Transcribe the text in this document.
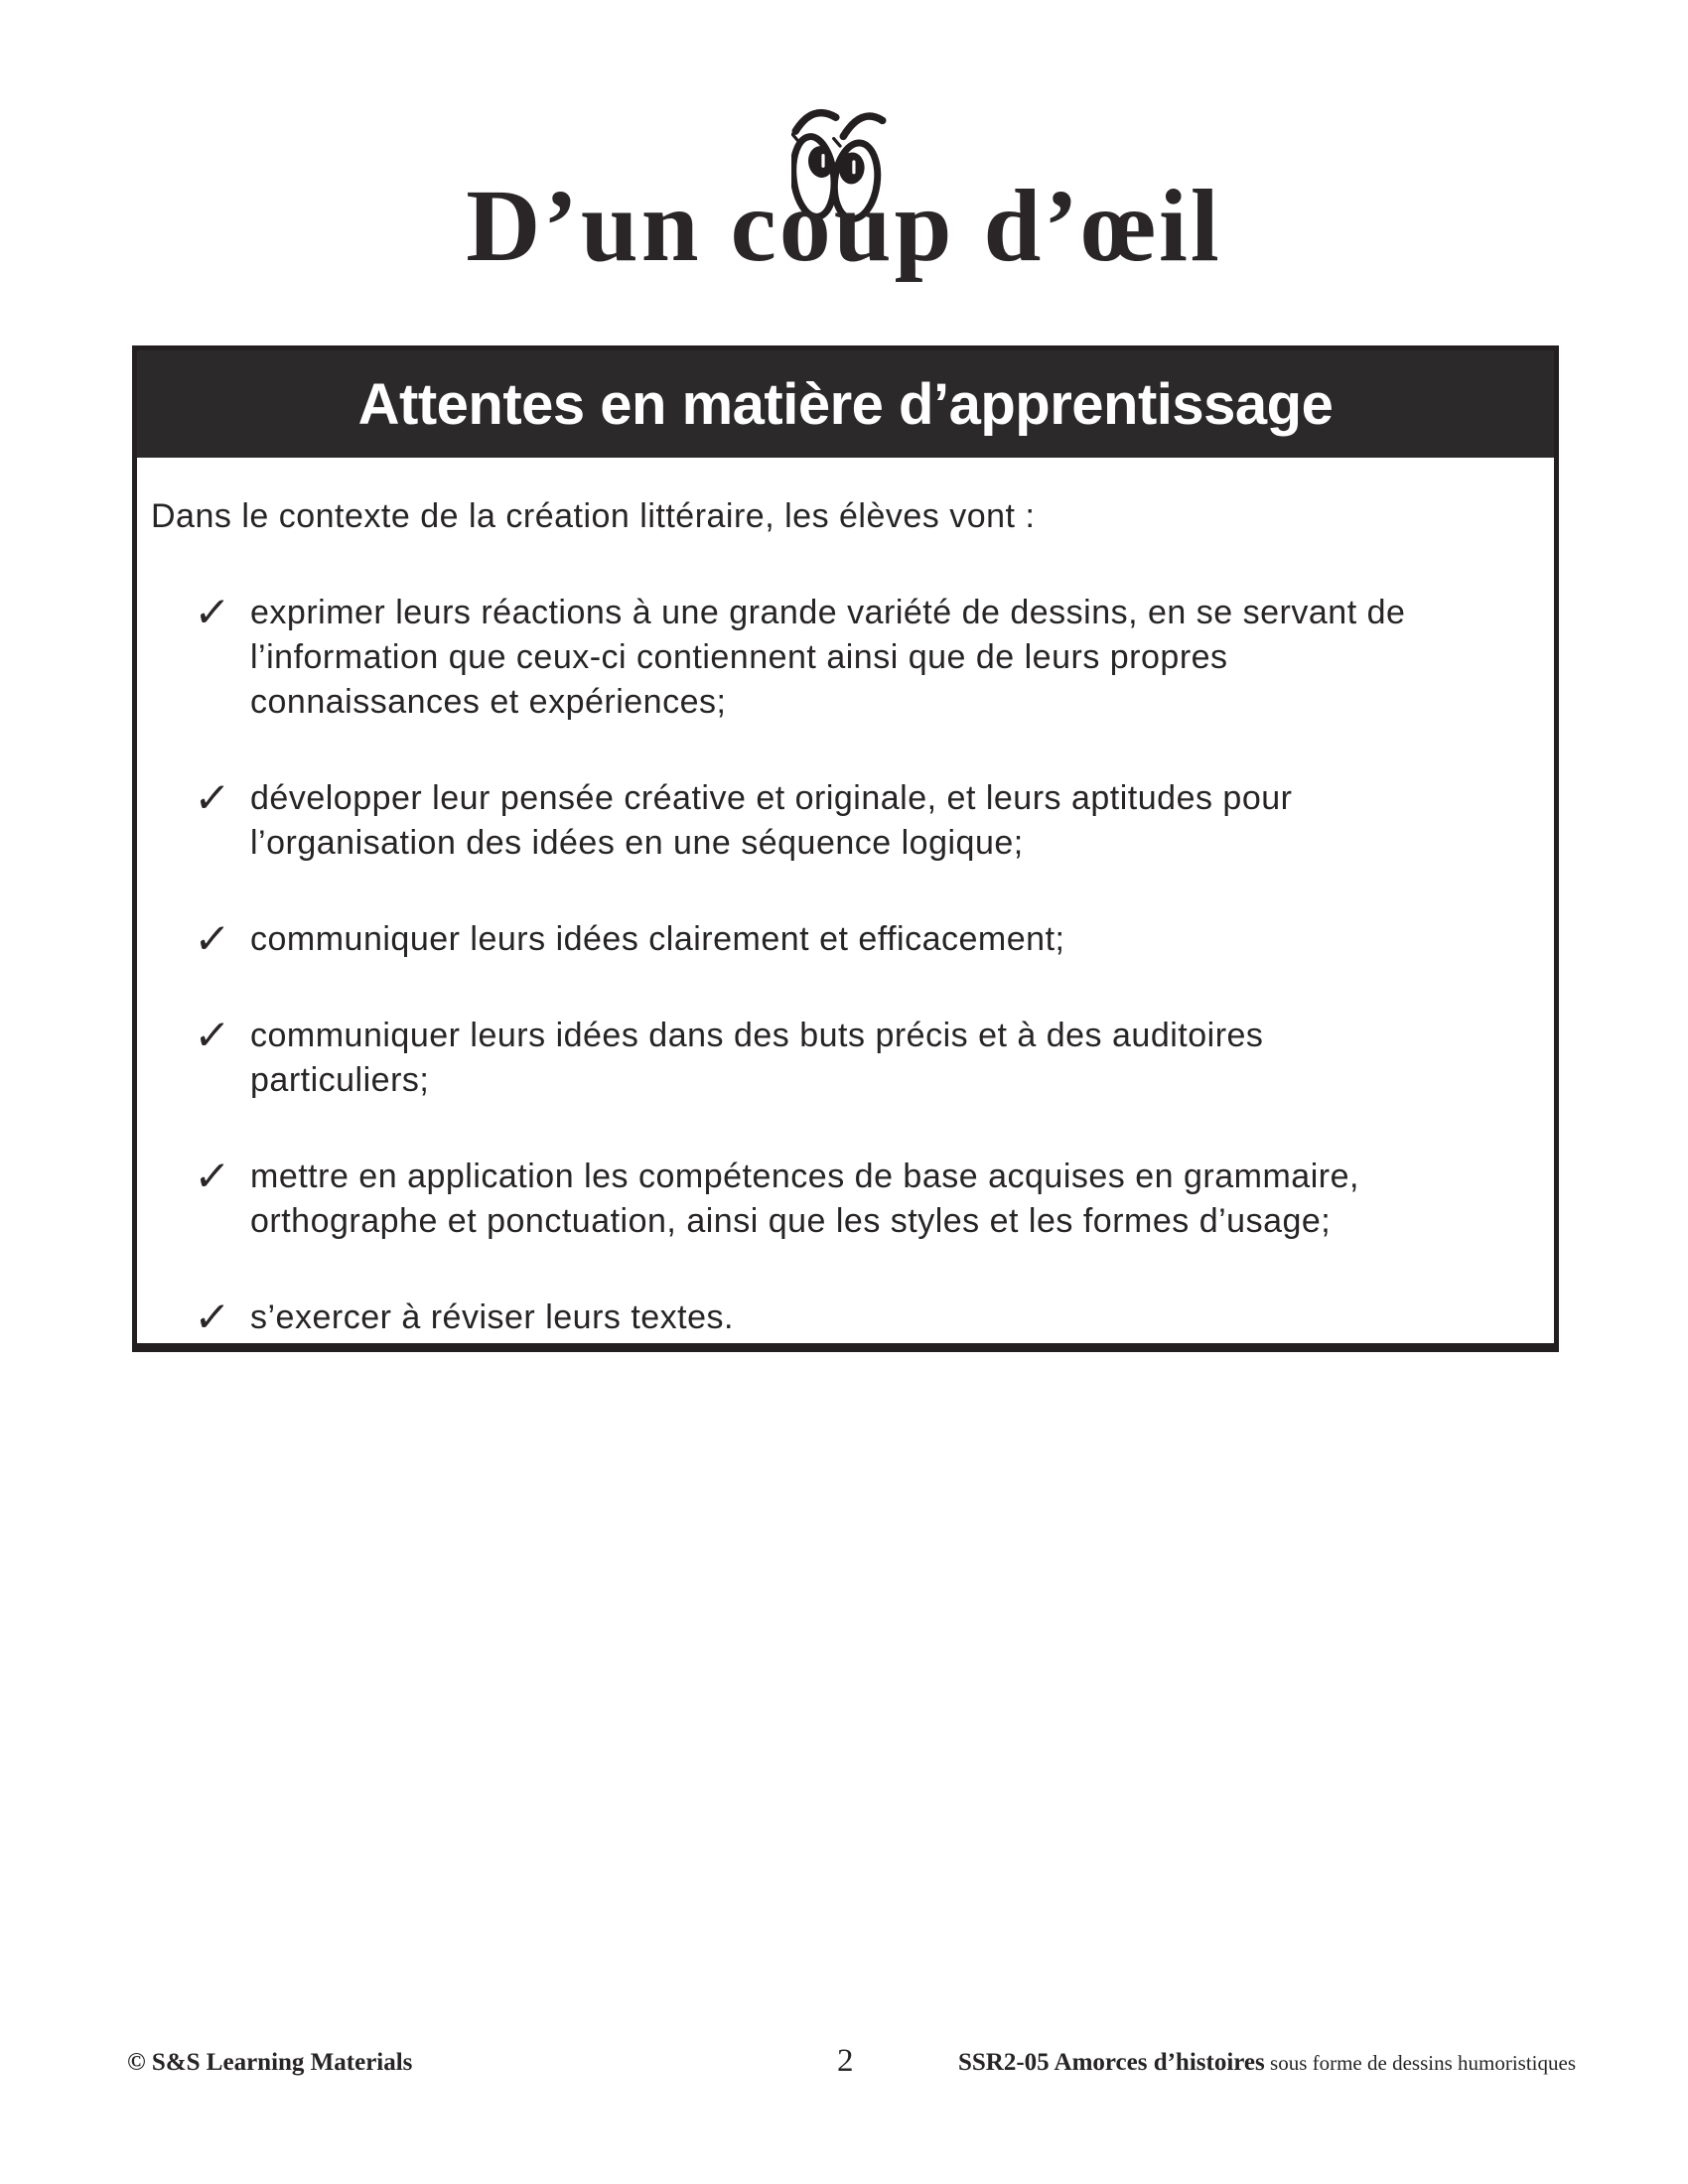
D’un coup d’œil
Attentes en matière d’apprentissage
Dans le contexte de la création littéraire, les élèves vont :
✓ exprimer leurs réactions à une grande variété de dessins, en se servant de l’information que ceux-ci contiennent ainsi que de leurs propres connaissances et expériences;
✓ développer leur pensée créative et originale, et leurs aptitudes pour l’organisation des idées en une séquence logique;
✓ communiquer leurs idées clairement et efficacement;
✓ communiquer leurs idées dans des buts précis et à des auditoires particuliers;
✓ mettre en application les compétences de base acquises en grammaire, orthographe et ponctuation, ainsi que les styles et les formes d’usage;
✓ s’exercer à réviser leurs textes.
© S&S Learning Materials	2	SSR2-05 Amorces d’histoires sous forme de dessins humoristiques
